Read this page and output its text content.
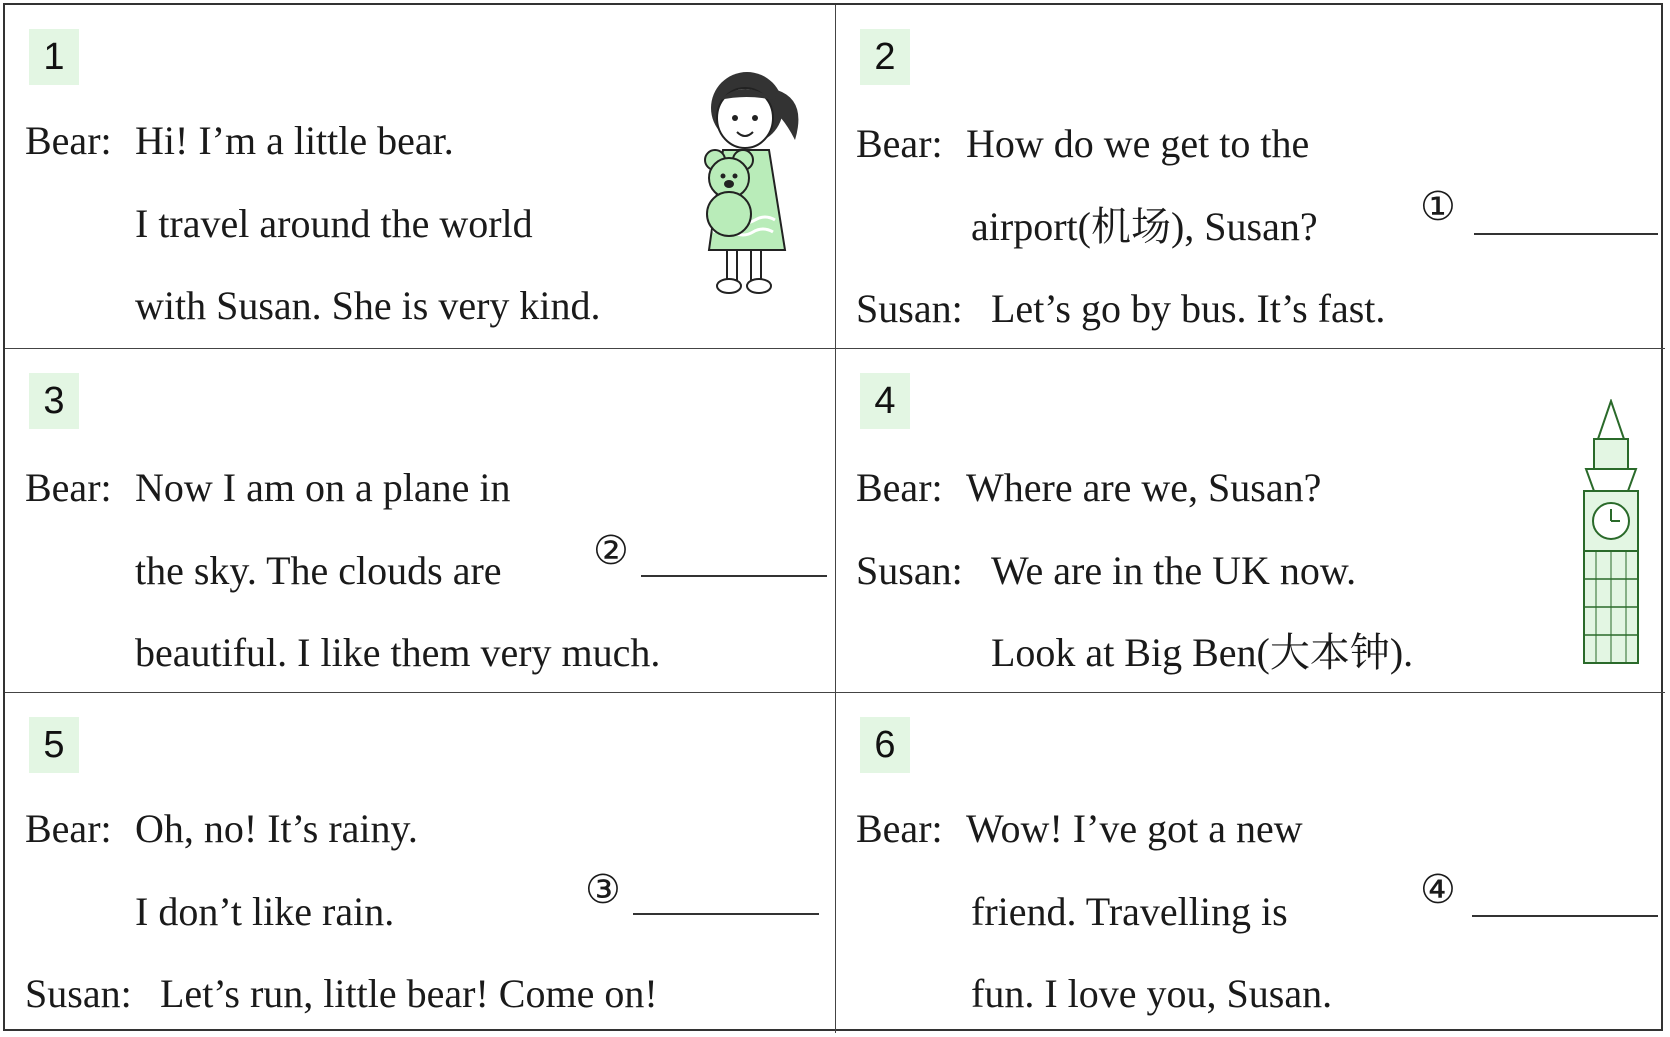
1
Bear: Hi! I’m a little bear.
I travel around the world
with Susan. She is very kind.
2
Bear: How do we get to the
airport(机场), Susan?
Susan: Let’s go by bus. It’s fast.
①
3
Bear: Now I am on a plane in
the sky. The clouds are
beautiful. I like them very much.
②
4
Bear: Where are we, Susan?
Susan: We are in the UK now.
Look at Big Ben(大本钟).
5
Bear: Oh, no! It’s rainy.
I don’t like rain.
Susan: Let’s run, little bear! Come on!
③
6
Bear: Wow! I’ve got a new
friend. Travelling is
fun. I love you, Susan.
④
